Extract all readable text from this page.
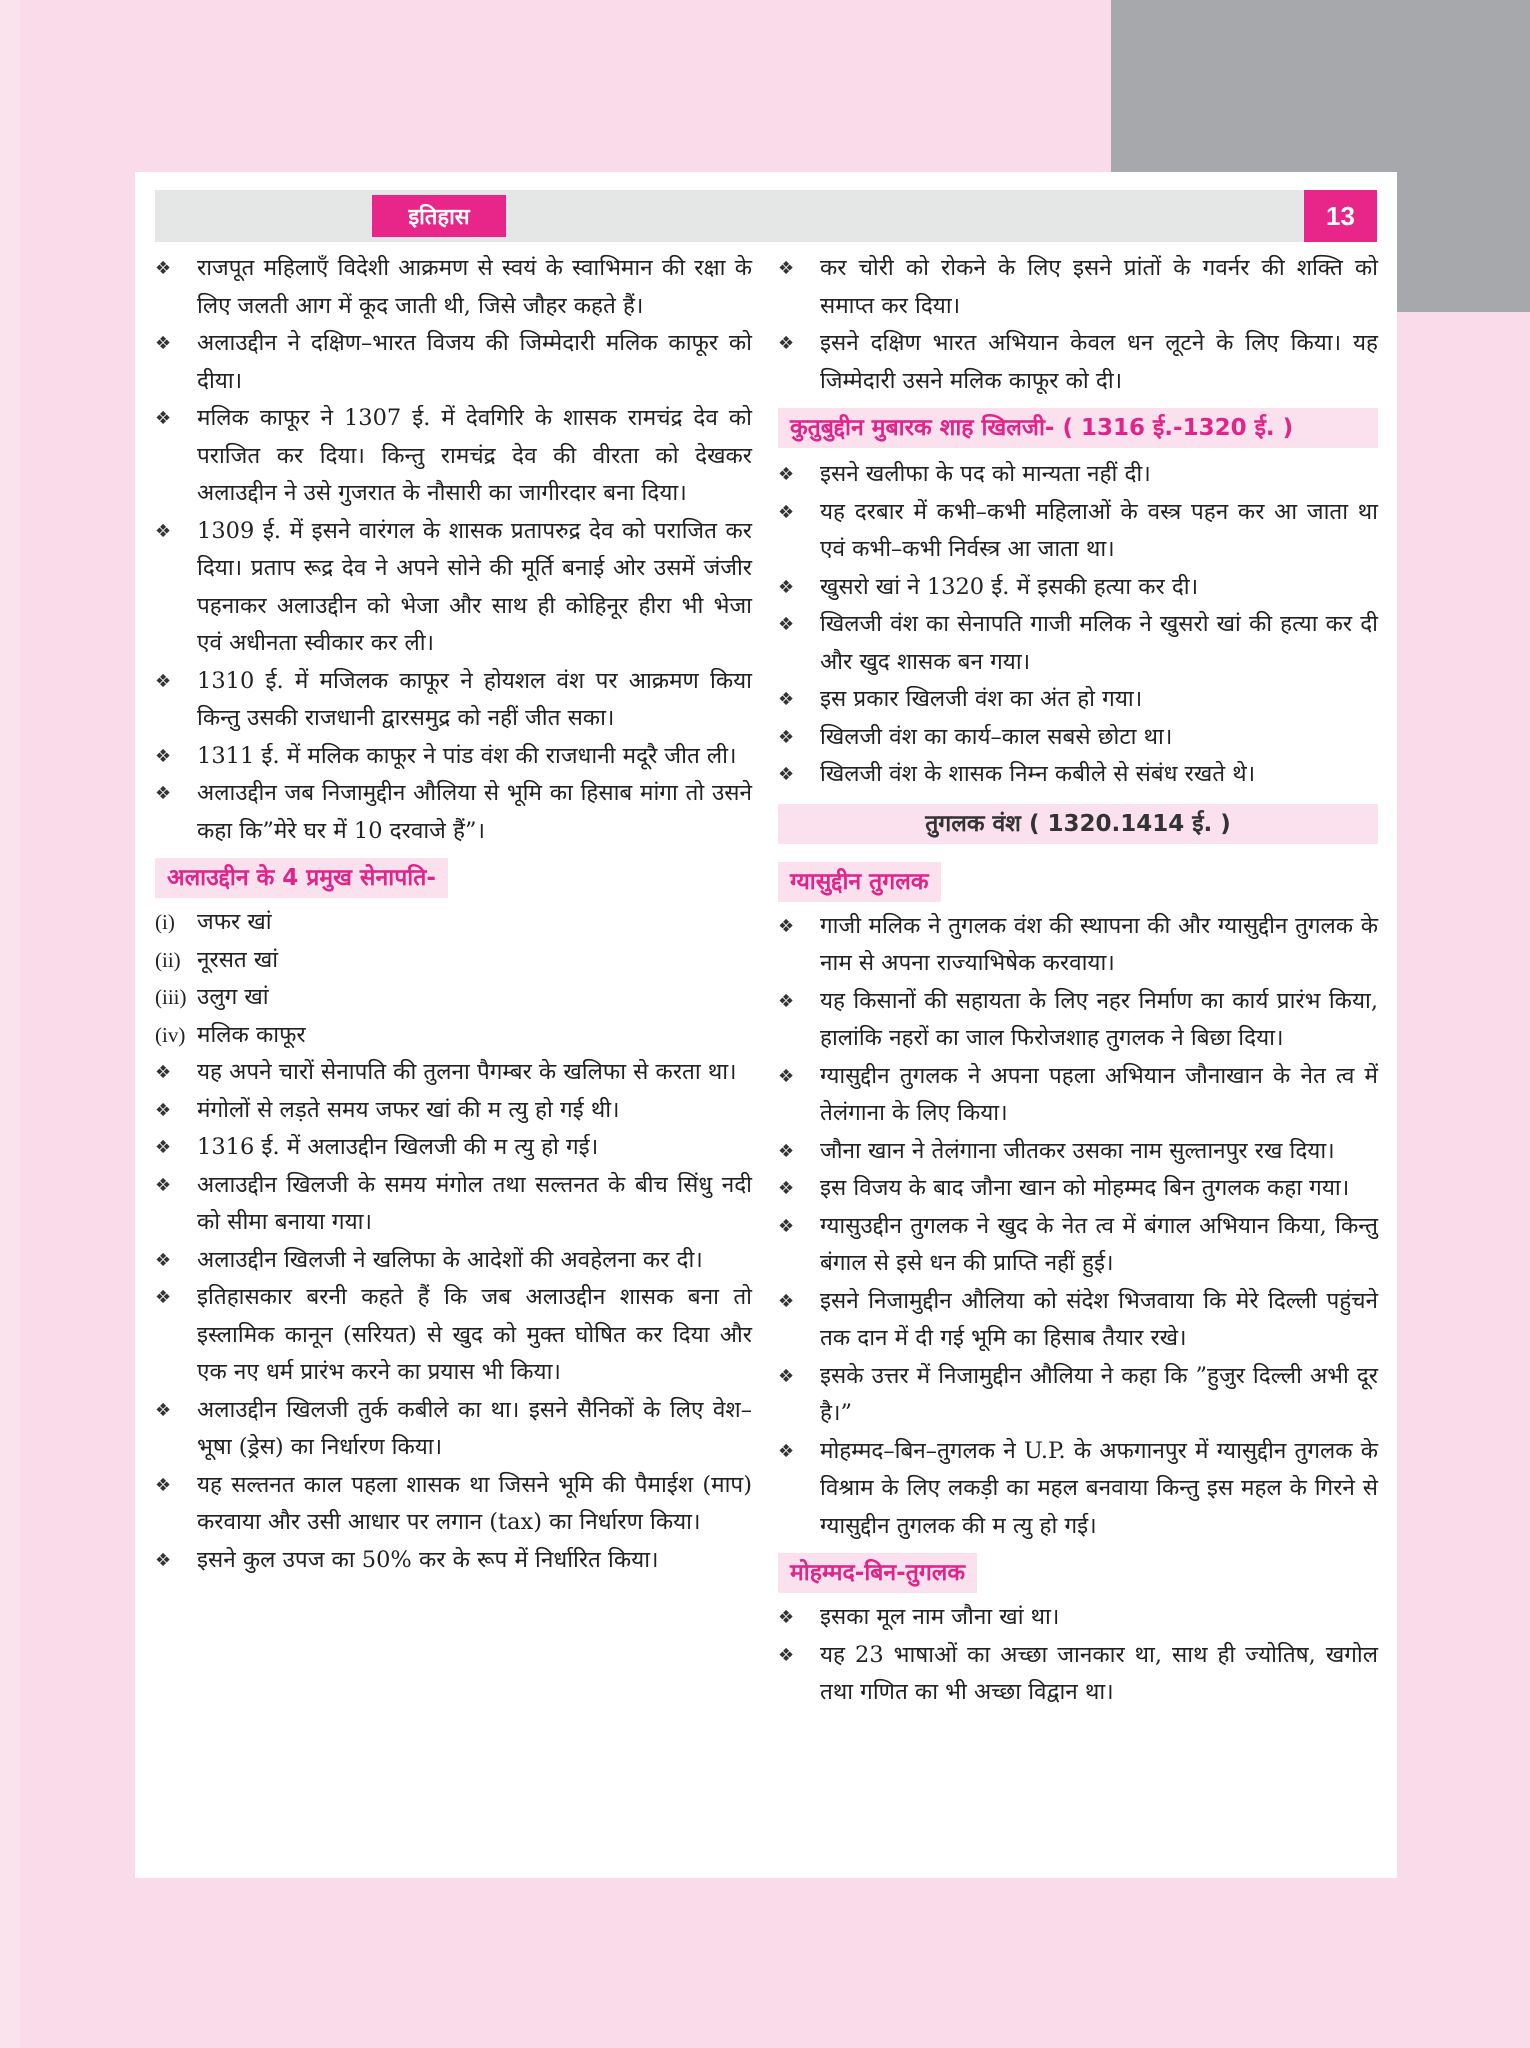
इतिहास	13
❖	राजपूत महिलाएँ विदेशी आक्रमण से स्वयं के स्वाभिमान की रक्षा के लिए जलती आग में कूद जाती थी, जिसे जौहर कहते हैं।
❖	अलाउद्दीन ने दक्षिण–भारत विजय की जिम्मेदारी मलिक काफूर को दीया।
❖	मलिक काफूर ने 1307 ई. में देवगिरि के शासक रामचंद्र देव को पराजित कर दिया। किन्तु रामचंद्र देव की वीरता को देखकर अलाउद्दीन ने उसे गुजरात के नौसारी का जागीरदार बना दिया।
❖	1309 ई. में इसने वारंगल के शासक प्रतापरुद्र देव को पराजित कर दिया। प्रताप रूद्र देव ने अपने सोने की मूर्ति बनाई ओर उसमें जंजीर पहनाकर अलाउद्दीन को भेजा और साथ ही कोहिनूर हीरा भी भेजा एवं अधीनता स्वीकार कर ली।
❖	1310 ई. में मजिलक काफूर ने होयशल वंश पर आक्रमण किया किन्तु उसकी राजधानी द्वारसमुद्र को नहीं जीत सका।
❖	1311 ई. में मलिक काफूर ने पांड वंश की राजधानी मदूरै जीत ली।
❖	अलाउद्दीन जब निजामुद्दीन औलिया से भूमि का हिसाब मांगा तो उसने कहा कि”मेरे घर में 10 दरवाजे हैं”।
अलाउद्दीन के 4 प्रमुख सेनापति-
(i) जफर खां
(ii) नूरसत खां
(iii) उलुग खां
(iv) मलिक काफूर
❖	यह अपने चारों सेनापति की तुलना पैगम्बर के खलिफा से करता था।
❖	मंगोलों से लड़ते समय जफर खां की म त्यु हो गई थी।
❖	1316 ई. में अलाउद्दीन खिलजी की म त्यु हो गई।
❖	अलाउद्दीन खिलजी के समय मंगोल तथा सल्तनत के बीच सिंधु नदी को सीमा बनाया गया।
❖	अलाउद्दीन खिलजी ने खलिफा के आदेशों की अवहेलना कर दी।
❖	इतिहासकार बरनी कहते हैं कि जब अलाउद्दीन शासक बना तो इस्लामिक कानून (सरियत) से खुद को मुक्त घोषित कर दिया और एक नए धर्म प्रारंभ करने का प्रयास भी किया।
❖	अलाउद्दीन खिलजी तुर्क कबीले का था। इसने सैनिकों के लिए वेश–भूषा (ड्रेस) का निर्धारण किया।
❖	यह सल्तनत काल पहला शासक था जिसने भूमि की पैमाईश (माप) करवाया और उसी आधार पर लगान (tax) का निर्धारण किया।
❖	इसने कुल उपज का 50% कर के रूप में निर्धारित किया।
❖	कर चोरी को रोकने के लिए इसने प्रांतों के गवर्नर की शक्ति को समाप्त कर दिया।
❖	इसने दक्षिण भारत अभियान केवल धन लूटने के लिए किया। यह जिम्मेदारी उसने मलिक काफूर को दी।
कुतुबुद्दीन मुबारक शाह खिलजी- ( 1316 ई.-1320 ई. )
❖	इसने खलीफा के पद को मान्यता नहीं दी।
❖	यह दरबार में कभी–कभी महिलाओं के वस्त्र पहन कर आ जाता था एवं कभी–कभी निर्वस्त्र आ जाता था।
❖	खुसरो खां ने 1320 ई. में इसकी हत्या कर दी।
❖	खिलजी वंश का सेनापति गाजी मलिक ने खुसरो खां की हत्या कर दी और खुद शासक बन गया।
❖	इस प्रकार खिलजी वंश का अंत हो गया।
❖	खिलजी वंश का कार्य–काल सबसे छोटा था।
❖	खिलजी वंश के शासक निम्न कबीले से संबंध रखते थे।
तुगलक वंश ( 1320.1414 ई. )
ग्यासुद्दीन तुगलक
❖	गाजी मलिक ने तुगलक वंश की स्थापना की और ग्यासुद्दीन तुगलक के नाम से अपना राज्याभिषेक करवाया।
❖	यह किसानों की सहायता के लिए नहर निर्माण का कार्य प्रारंभ किया, हालांकि नहरों का जाल फिरोजशाह तुगलक ने बिछा दिया।
❖	ग्यासुद्दीन तुगलक ने अपना पहला अभियान जौनाखान के नेत त्व में तेलंगाना के लिए किया।
❖	जौना खान ने तेलंगाना जीतकर उसका नाम सुल्तानपुर रख दिया।
❖	इस विजय के बाद जौना खान को मोहम्मद बिन तुगलक कहा गया।
❖	ग्यासुउद्दीन तुगलक ने खुद के नेत त्व में बंगाल अभियान किया, किन्तु बंगाल से इसे धन की प्राप्ति नहीं हुई।
❖	इसने निजामुद्दीन औलिया को संदेश भिजवाया कि मेरे दिल्ली पहुंचने तक दान में दी गई भूमि का हिसाब तैयार रखे।
❖	इसके उत्तर में निजामुद्दीन औलिया ने कहा कि ”हुजुर दिल्ली अभी दूर है।”
❖	मोहम्मद–बिन–तुगलक ने U.P. के अफगानपुर में ग्यासुद्दीन तुगलक के विश्राम के लिए लकड़ी का महल बनवाया किन्तु इस महल के गिरने से ग्यासुद्दीन तुगलक की म त्यु हो गई।
मोहम्मद-बिन-तुगलक
❖	इसका मूल नाम जौना खां था।
❖	यह 23 भाषाओं का अच्छा जानकार था, साथ ही ज्योतिष, खगोल तथा गणित का भी अच्छा विद्वान था।
